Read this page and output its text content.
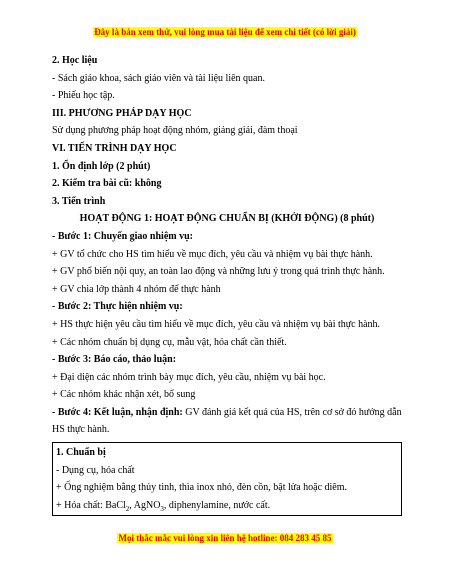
Đây là bản xem thử, vui lòng mua tài liệu để xem chi tiết (có lời giải)
2. Học liệu
- Sách giáo khoa, sách giáo viên và tài liệu liên quan.
- Phiếu học tập.
III. PHƯƠNG PHÁP DẠY HỌC
Sử dụng phương pháp hoạt động nhóm, giảng giải, đàm thoại
VI. TIẾN TRÌNH DẠY HỌC
1. Ổn định lớp (2 phút)
2. Kiểm tra bài cũ: không
3. Tiến trình
HOẠT ĐỘNG 1: HOẠT ĐỘNG CHUẨN BỊ (KHỞI ĐỘNG) (8 phút)
- Bước 1: Chuyển giao nhiệm vụ:
+ GV tổ chức cho HS tìm hiểu về mục đích, yêu cầu và nhiệm vụ bài thực hành.
+ GV phổ biến nội quy, an toàn lao động và những lưu ý trong quá trình thực hành.
+ GV chia lớp thành 4 nhóm để thực hành
- Bước 2: Thực hiện nhiệm vụ:
+ HS thực hiện yêu cầu tìm hiểu về mục đích, yêu cầu và nhiệm vụ bài thực hành.
+ Các nhóm chuẩn bị dụng cụ, mẫu vật, hóa chất cần thiết.
- Bước 3: Báo cáo, thảo luận:
+ Đại diện các nhóm trình bày mục đích, yêu cầu, nhiệm vụ bài học.
+ Các nhóm khác nhận xét, bổ sung
- Bước 4: Kết luận, nhận định: GV đánh giá kết quả của HS, trên cơ sở đó hướng dẫn HS thực hành.
1. Chuẩn bị
- Dụng cụ, hóa chất
+ Ống nghiệm bằng thủy tinh, thìa inox nhỏ, đèn cồn, bật lửa hoặc diêm.
+ Hóa chất: BaCl$_2$, AgNO$_3$, diphenylamine, nước cất.
Mọi thắc mắc vui lòng xin liên hệ hotline: 084 283 45 85
